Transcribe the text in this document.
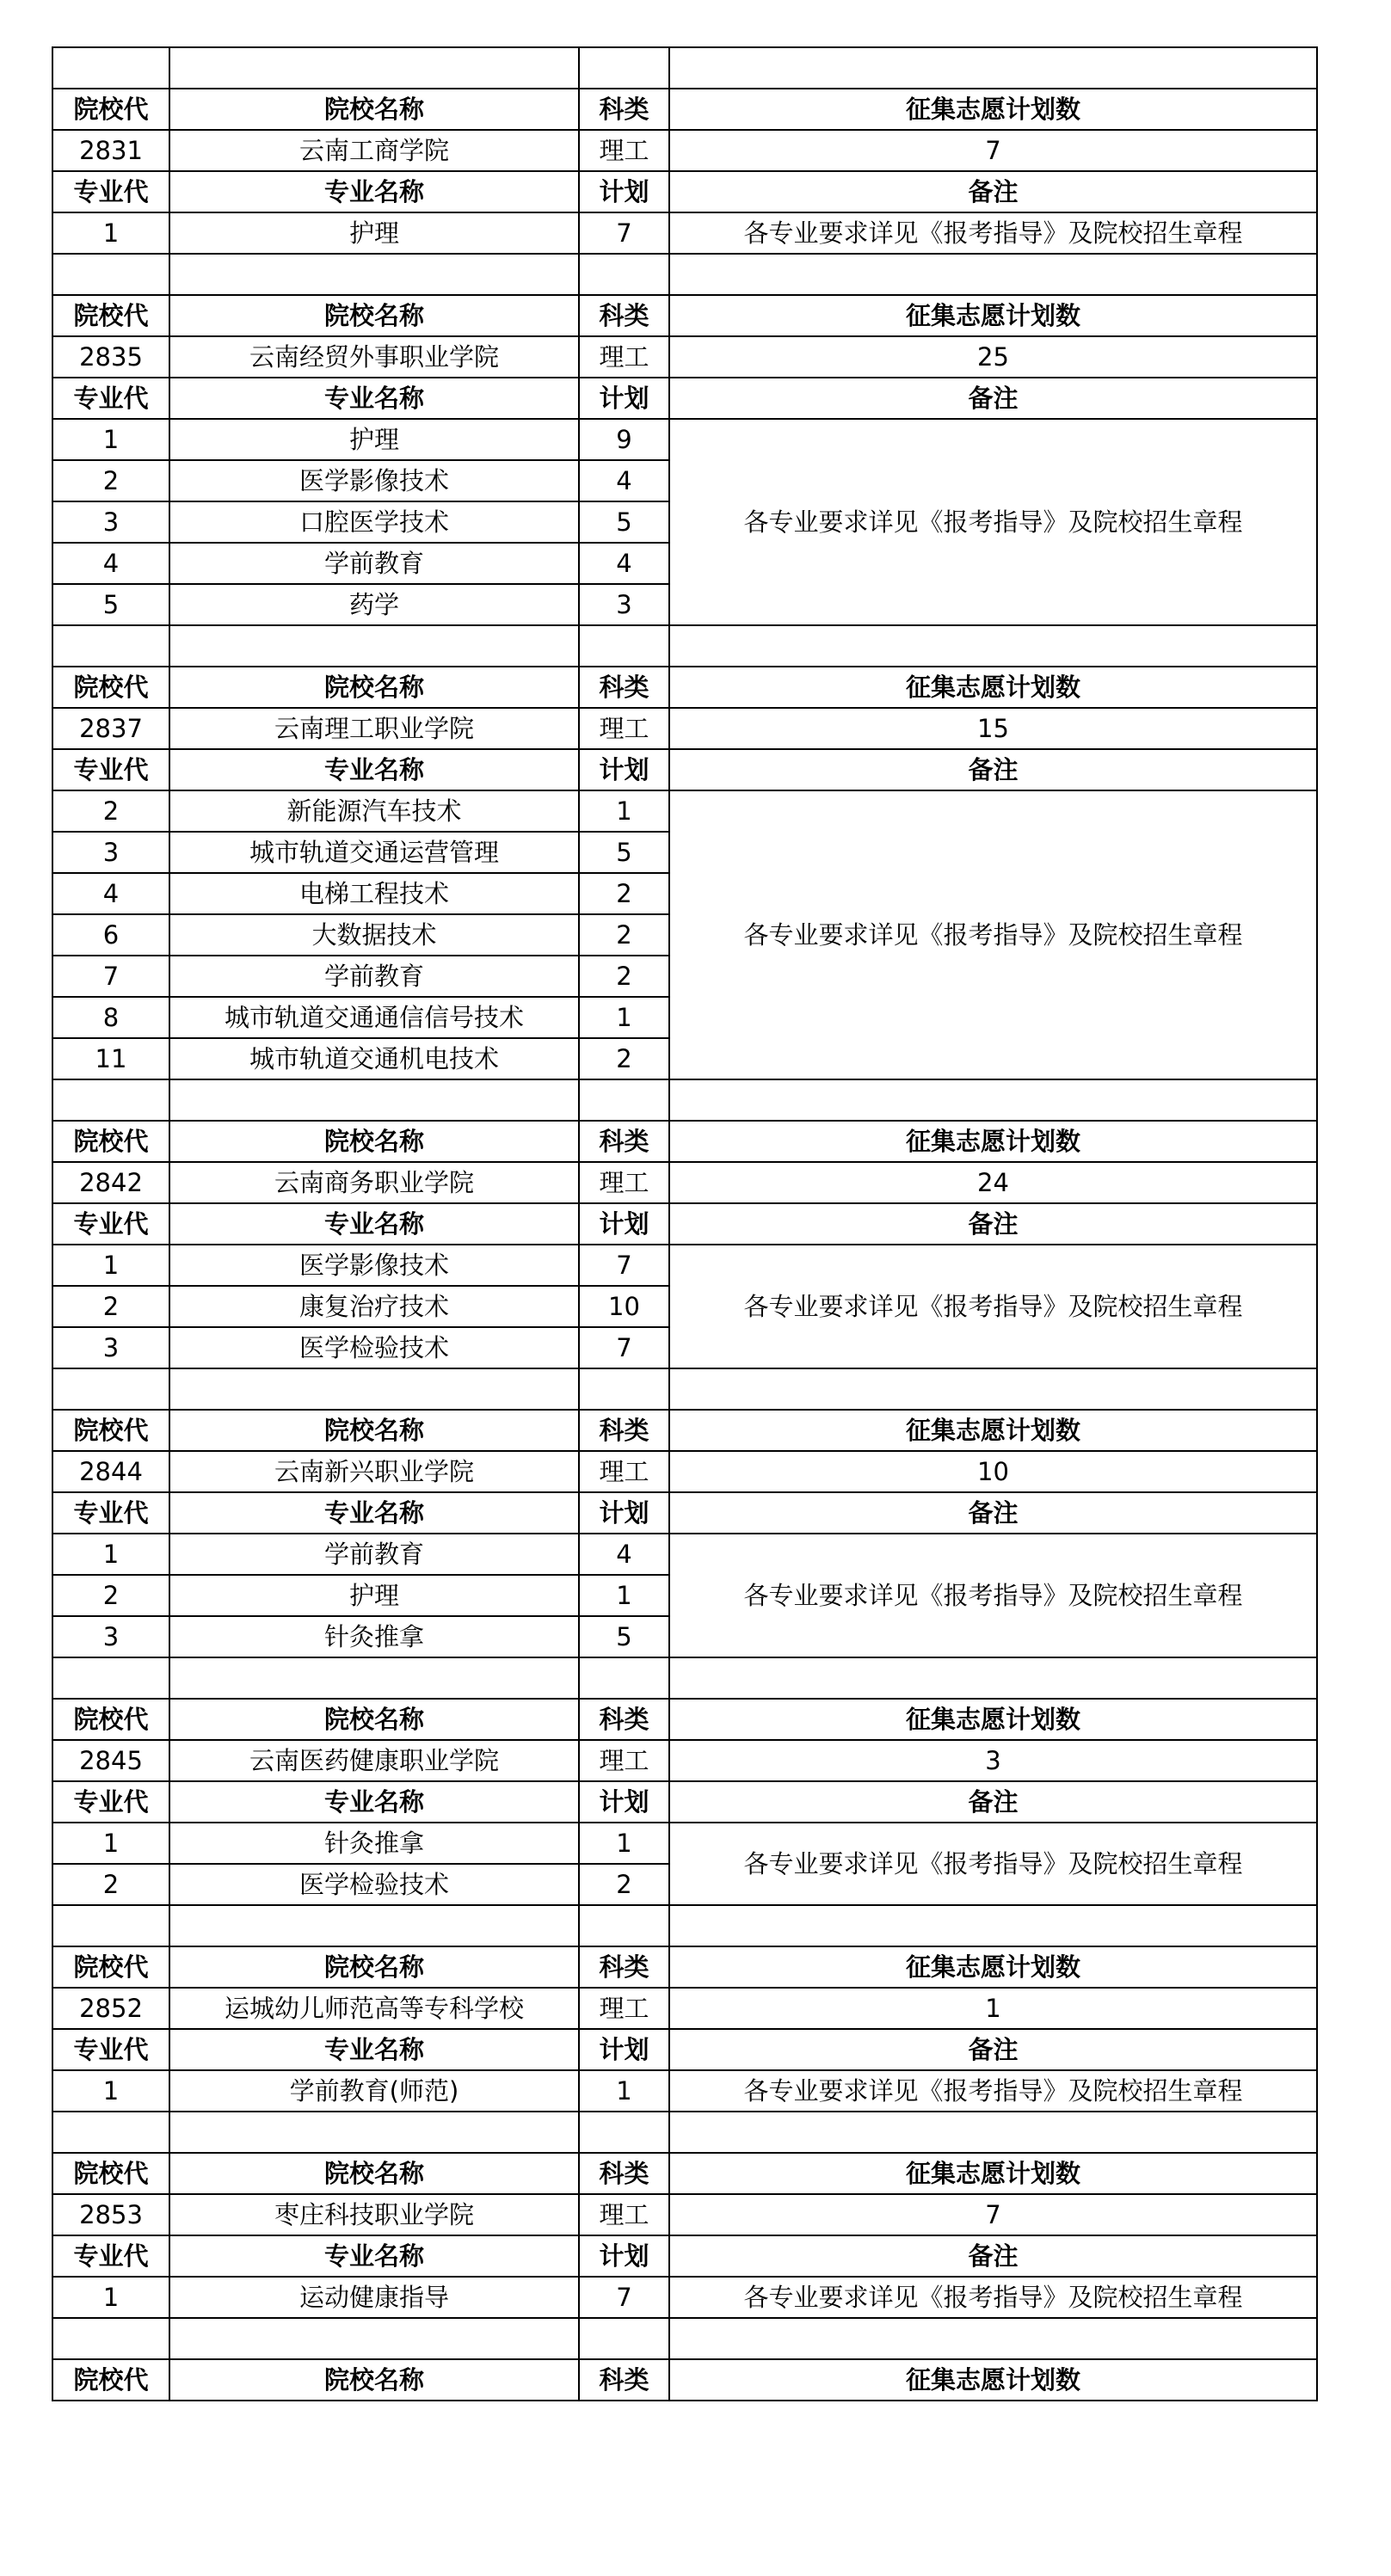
院校代	院校名称	科类	征集志愿计划数
2831	云南工商学院	理工	7
专业代	专业名称	计划	备注
1	护理	7	各专业要求详见《报考指导》及院校招生章程

院校代	院校名称	科类	征集志愿计划数
2835	云南经贸外事职业学院	理工	25
专业代	专业名称	计划	备注
1	护理	9	各专业要求详见《报考指导》及院校招生章程
2	医学影像技术	4	
3	口腔医学技术	5	
4	学前教育	4	
5	药学	3	

院校代	院校名称	科类	征集志愿计划数
2837	云南理工职业学院	理工	15
专业代	专业名称	计划	备注
2	新能源汽车技术	1	各专业要求详见《报考指导》及院校招生章程
3	城市轨道交通运营管理	5	
4	电梯工程技术	2	
6	大数据技术	2	
7	学前教育	2	
8	城市轨道交通通信信号技术	1	
11	城市轨道交通机电技术	2	

院校代	院校名称	科类	征集志愿计划数
2842	云南商务职业学院	理工	24
专业代	专业名称	计划	备注
1	医学影像技术	7	各专业要求详见《报考指导》及院校招生章程
2	康复治疗技术	10	
3	医学检验技术	7	

院校代	院校名称	科类	征集志愿计划数
2844	云南新兴职业学院	理工	10
专业代	专业名称	计划	备注
1	学前教育	4	各专业要求详见《报考指导》及院校招生章程
2	护理	1	
3	针灸推拿	5	

院校代	院校名称	科类	征集志愿计划数
2845	云南医药健康职业学院	理工	3
专业代	专业名称	计划	备注
1	针灸推拿	1	各专业要求详见《报考指导》及院校招生章程
2	医学检验技术	2	

院校代	院校名称	科类	征集志愿计划数
2852	运城幼儿师范高等专科学校	理工	1
专业代	专业名称	计划	备注
1	学前教育(师范)	1	各专业要求详见《报考指导》及院校招生章程

院校代	院校名称	科类	征集志愿计划数
2853	枣庄科技职业学院	理工	7
专业代	专业名称	计划	备注
1	运动健康指导	7	各专业要求详见《报考指导》及院校招生章程

院校代	院校名称	科类	征集志愿计划数
